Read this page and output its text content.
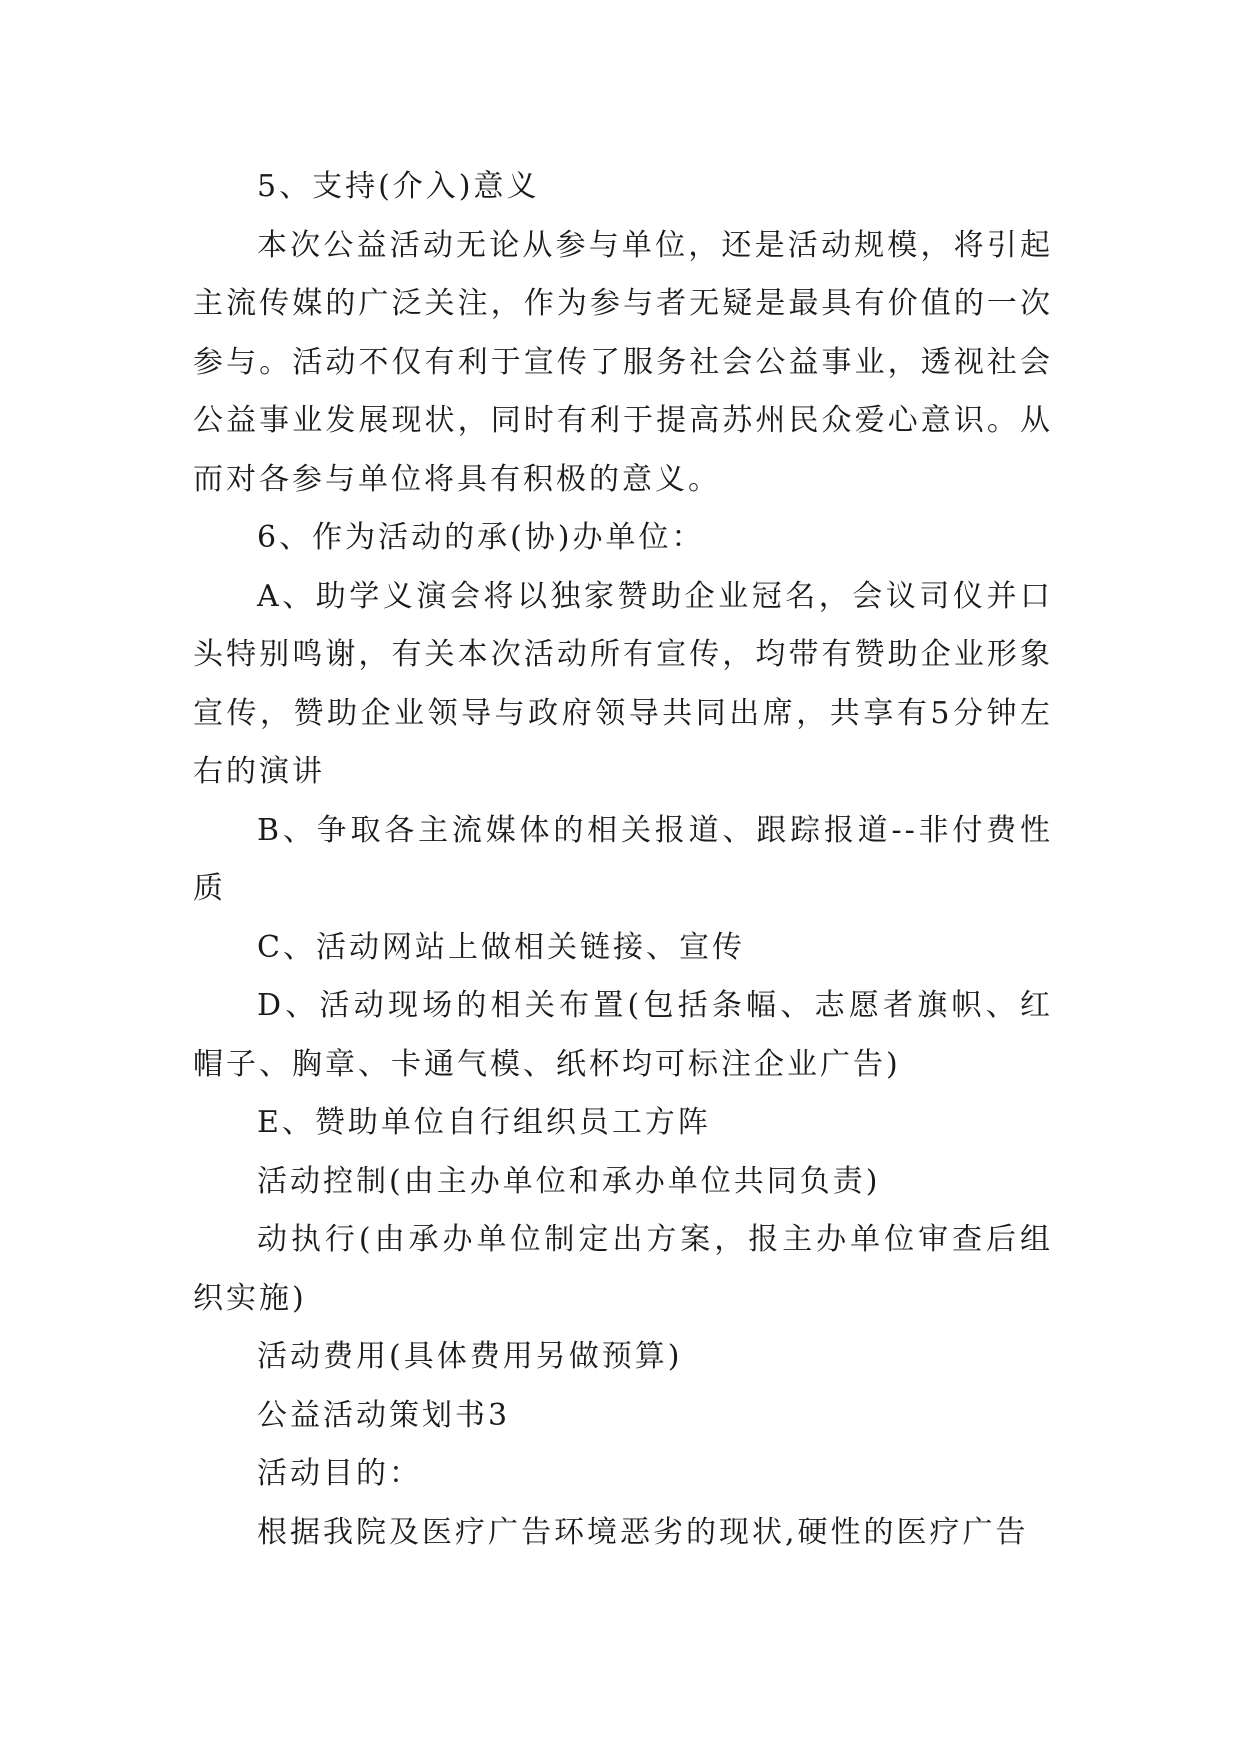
5、支持(介入)意义

本次公益活动无论从参与单位，还是活动规模，将引起主流传媒的广泛关注，作为参与者无疑是最具有价值的一次参与。活动不仅有利于宣传了服务社会公益事业，透视社会公益事业发展现状，同时有利于提高苏州民众爱心意识。从而对各参与单位将具有积极的意义。

6、作为活动的承(协)办单位：

A、助学义演会将以独家赞助企业冠名，会议司仪并口头特别鸣谢，有关本次活动所有宣传，均带有赞助企业形象宣传，赞助企业领导与政府领导共同出席，共享有5分钟左右的演讲

B、争取各主流媒体的相关报道、跟踪报道--非付费性质

C、活动网站上做相关链接、宣传

D、活动现场的相关布置(包括条幅、志愿者旗帜、红帽子、胸章、卡通气模、纸杯均可标注企业广告)

E、赞助单位自行组织员工方阵

活动控制(由主办单位和承办单位共同负责)

动执行(由承办单位制定出方案，报主办单位审查后组织实施)

活动费用(具体费用另做预算)

公益活动策划书3

活动目的：

根据我院及医疗广告环境恶劣的现状,硬性的医疗广告
